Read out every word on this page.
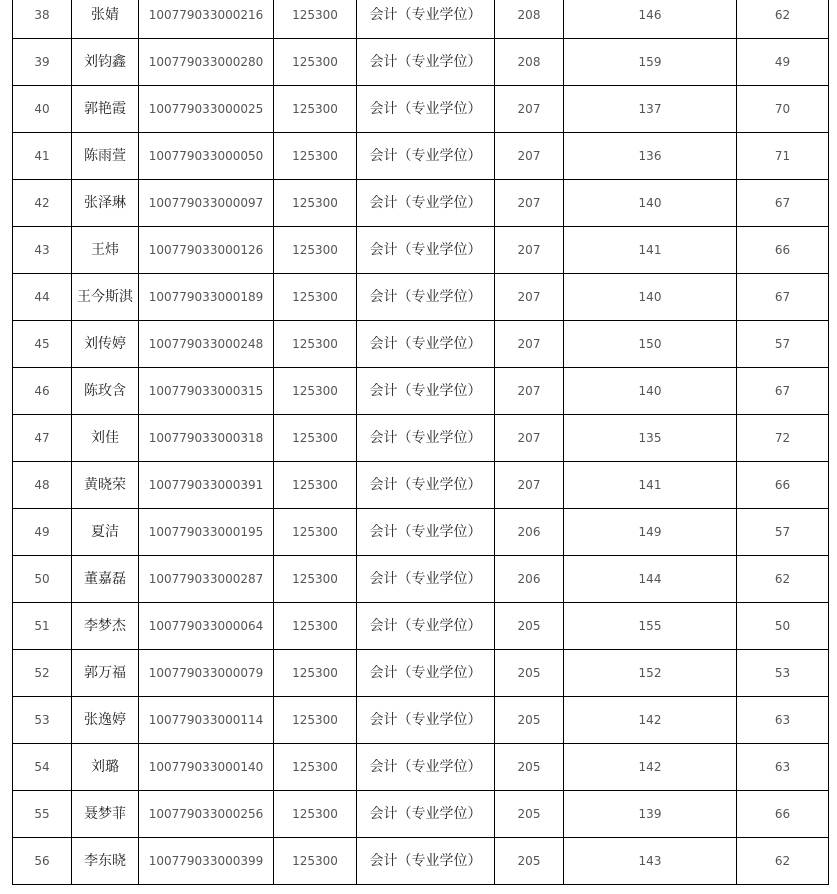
38	张婧	100779033000216	125300	会计（专业学位）	208	146	62

39	刘钧鑫	100779033000280	125300	会计（专业学位）	208	159	49

40	郭艳霞	100779033000025	125300	会计（专业学位）	207	137	70

41	陈雨萱	100779033000050	125300	会计（专业学位）	207	136	71

42	张泽琳	100779033000097	125300	会计（专业学位）	207	140	67

43	王炜	100779033000126	125300	会计（专业学位）	207	141	66

44	王今斯淇	100779033000189	125300	会计（专业学位）	207	140	67

45	刘传婷	100779033000248	125300	会计（专业学位）	207	150	57

46	陈玫含	100779033000315	125300	会计（专业学位）	207	140	67

47	刘佳	100779033000318	125300	会计（专业学位）	207	135	72

48	黄晓荣	100779033000391	125300	会计（专业学位）	207	141	66

49	夏洁	100779033000195	125300	会计（专业学位）	206	149	57

50	董嘉磊	100779033000287	125300	会计（专业学位）	206	144	62

51	李梦杰	100779033000064	125300	会计（专业学位）	205	155	50

52	郭万福	100779033000079	125300	会计（专业学位）	205	152	53

53	张逸婷	100779033000114	125300	会计（专业学位）	205	142	63

54	刘璐	100779033000140	125300	会计（专业学位）	205	142	63

55	聂梦菲	100779033000256	125300	会计（专业学位）	205	139	66

56	李东晓	100779033000399	125300	会计（专业学位）	205	143	62
